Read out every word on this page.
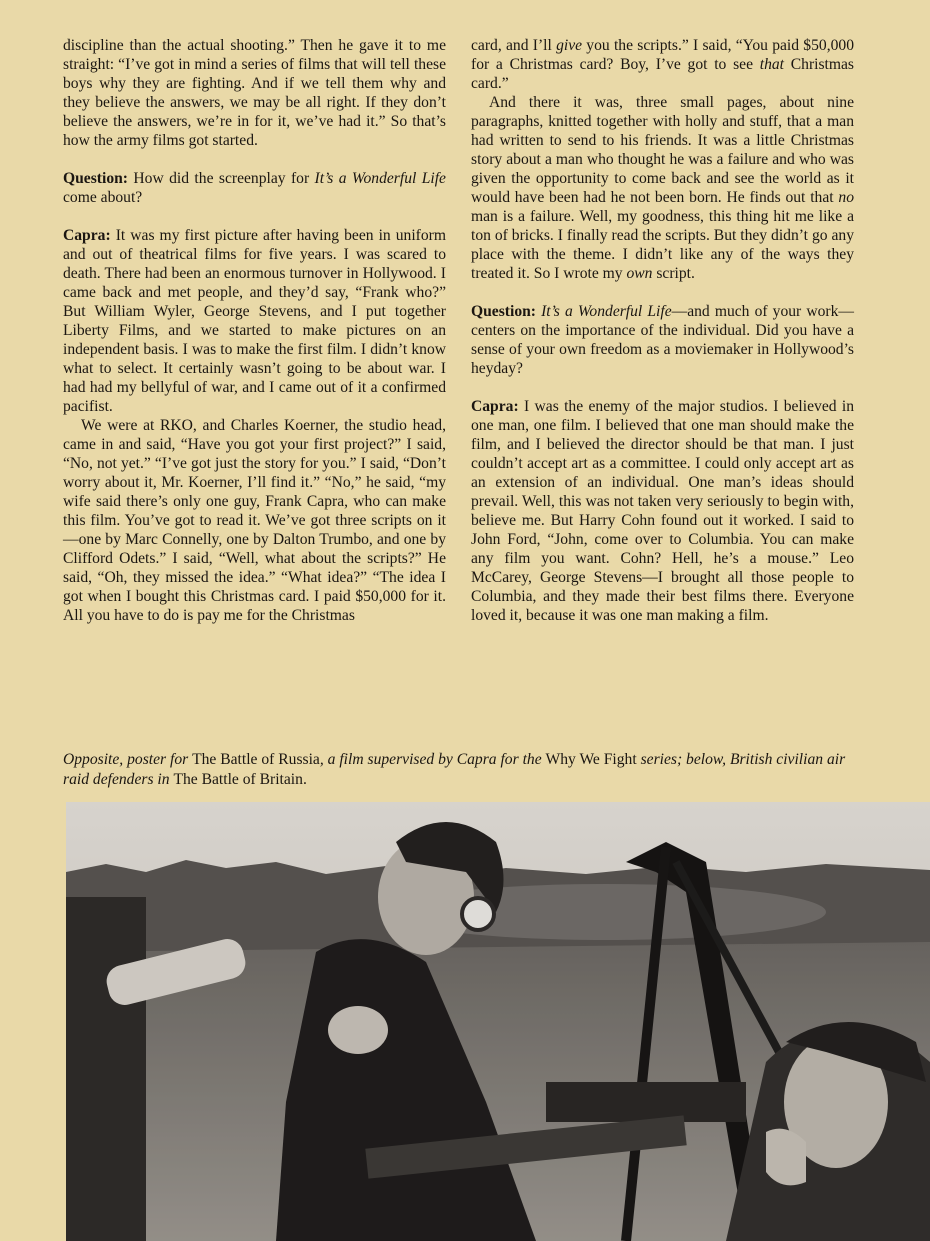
discipline than the actual shooting.” Then he gave it to me straight: “I’ve got in mind a series of films that will tell these boys why they are fighting. And if we tell them why and they believe the answers, we may be all right. If they don’t believe the answers, we’re in for it, we’ve had it.” So that’s how the army films got started.

Question: How did the screenplay for It’s a Wonderful Life come about?

Capra: It was my first picture after having been in uniform and out of theatrical films for five years. I was scared to death. There had been an enormous turnover in Hollywood. I came back and met people, and they’d say, “Frank who?” But William Wyler, George Stevens, and I put together Liberty Films, and we started to make pictures on an independent basis. I was to make the first film. I didn’t know what to select. It certainly wasn’t going to be about war. I had had my bellyful of war, and I came out of it a confirmed pacifist.

We were at RKO, and Charles Koerner, the studio head, came in and said, “Have you got your first project?” I said, “No, not yet.” “I’ve got just the story for you.” I said, “Don’t worry about it, Mr. Koerner, I’ll find it.” “No,” he said, “my wife said there’s only one guy, Frank Capra, who can make this film. You’ve got to read it. We’ve got three scripts on it—one by Marc Connelly, one by Dalton Trumbo, and one by Clifford Odets.” I said, “Well, what about the scripts?” He said, “Oh, they missed the idea.” “What idea?” “The idea I got when I bought this Christmas card. I paid $50,000 for it. All you have to do is pay me for the Christmas

card, and I’ll give you the scripts.” I said, “You paid $50,000 for a Christmas card? Boy, I’ve got to see that Christmas card.”

And there it was, three small pages, about nine paragraphs, knitted together with holly and stuff, that a man had written to send to his friends. It was a little Christmas story about a man who thought he was a failure and who was given the opportunity to come back and see the world as it would have been had he not been born. He finds out that no man is a failure. Well, my goodness, this thing hit me like a ton of bricks. I finally read the scripts. But they didn’t go any place with the theme. I didn’t like any of the ways they treated it. So I wrote my own script.

Question: It’s a Wonderful Life—and much of your work—centers on the importance of the individual. Did you have a sense of your own freedom as a moviemaker in Hollywood’s heyday?

Capra: I was the enemy of the major studios. I believed in one man, one film. I believed that one man should make the film, and I believed the director should be that man. I just couldn’t accept art as a committee. I could only accept art as an extension of an individual. One man’s ideas should prevail. Well, this was not taken very seriously to begin with, believe me. But Harry Cohn found out it worked. I said to John Ford, “John, come over to Columbia. You can make any film you want. Cohn? Hell, he’s a mouse.” Leo McCarey, George Stevens—I brought all those people to Columbia, and they made their best films there. Everyone loved it, because it was one man making a film.

Opposite, poster for The Battle of Russia, a film supervised by Capra for the Why We Fight series; below, British civilian air raid defenders in The Battle of Britain.
